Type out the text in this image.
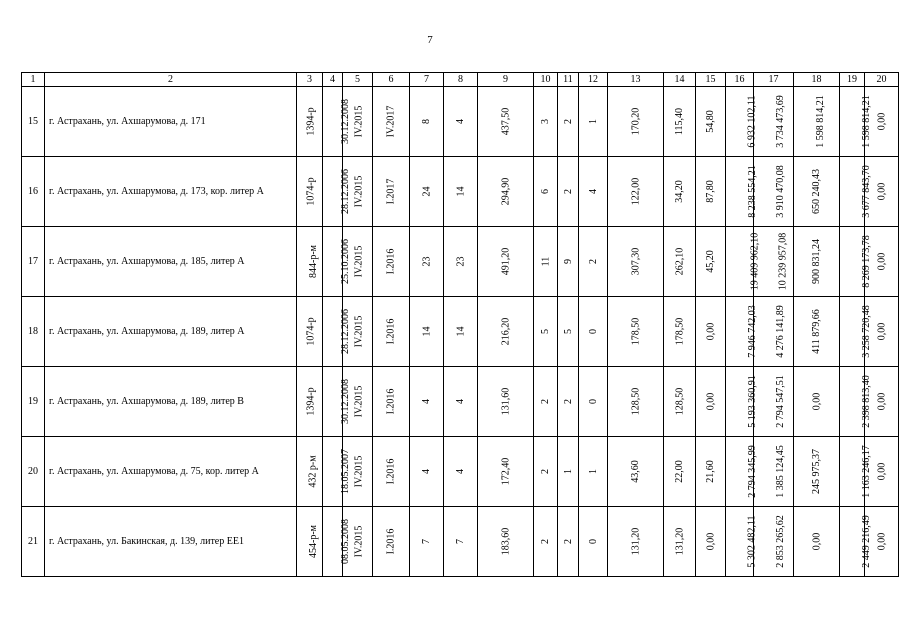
7
1	2	3	4	5	6	7	8	9	10	11	12	13	14	15	16	17	18	19	20
15	г. Астрахань, ул. Ахшарумова, д. 171	1394-р	30.12.2008	IV.2015	IV.2017	8	4	437,50	3	2	1	170,20	115,40	54,80	6 932 102,11	3 734 473,69	1 598 814,21	1 598 814,21	0,00
16	г. Астрахань, ул. Ахшарумова, д. 173, кор. литер А	1074-р	28.12.2006	IV.2015	I.2017	24	14	294,90	6	2	4	122,00	34,20	87,80	8 238 554,21	3 910 470,08	650 240,43	3 677 843,70	0,00
17	г. Астрахань, ул. Ахшарумова, д. 185, литер А	844-р-м	25.10.2006	IV.2015	I.2016	23	23	491,20	11	9	2	307,30	262,10	45,20	19 409 962,10	10 239 957,08	900 831,24	8 269 173,78	0,00
18	г. Астрахань, ул. Ахшарумова, д. 189, литер А	1074-р	28.12.2006	IV.2015	I.2016	14	14	216,20	5	5	0	178,50	178,50	0,00	7 946 742,03	4 276 141,89	411 879,66	3 258 720,48	0,00
19	г. Астрахань, ул. Ахшарумова, д. 189, литер В	1394-р	30.12.2008	IV.2015	I.2016	4	4	131,60	2	2	0	128,50	128,50	0,00	5 193 360,91	2 794 547,51	0,00	2 398 813,40	0,00
20	г. Астрахань, ул. Ахшарумова, д. 75, кор. литер А	432 р-м	18.05.2007	IV.2015	I.2016	4	4	172,40	2	1	1	43,60	22,00	21,60	2 794 345,99	1 385 124,45	245 975,37	1 163 246,17	0,00
21	г. Астрахань, ул. Бакинская, д. 139, литер ЕЕ1	454-р-м	08.05.2008	IV.2015	I.2016	7	7	183,60	2	2	0	131,20	131,20	0,00	5 302 482,11	2 853 265,62	0,00	2 449 216,49	0,00
